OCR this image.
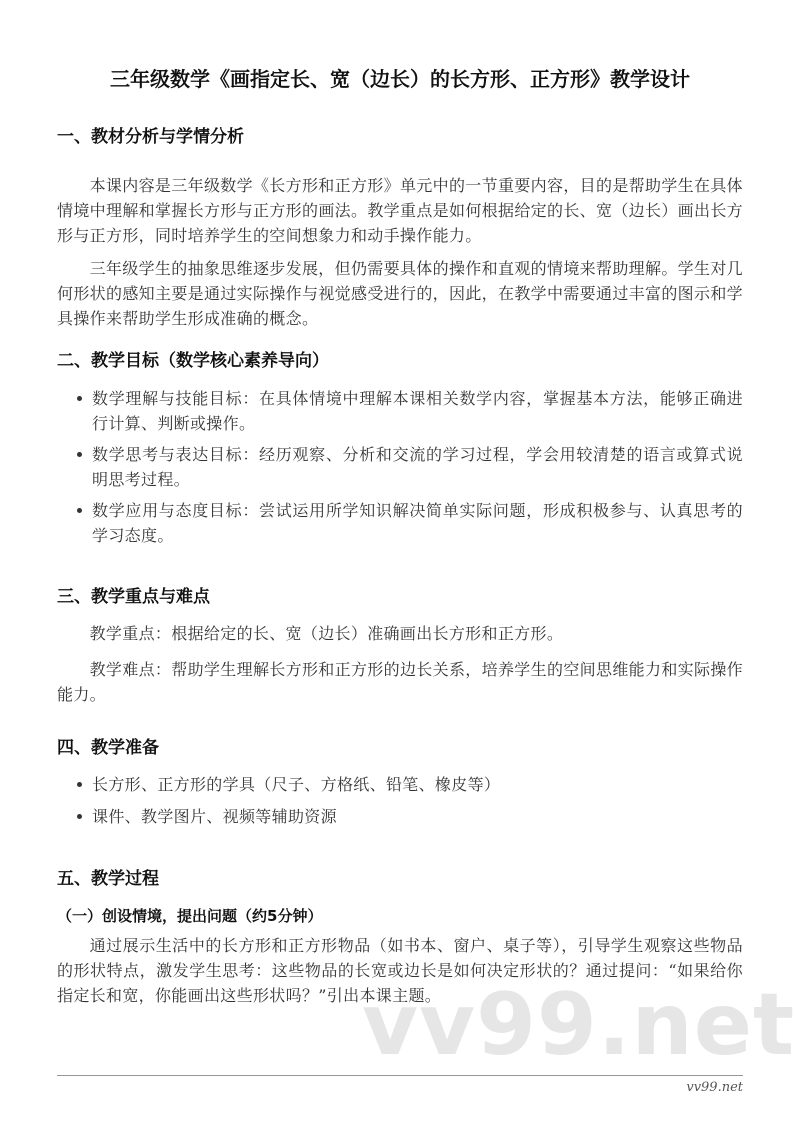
vv99.net
三年级数学《画指定长、宽（边长）的长方形、正方形》教学设计
一、教材分析与学情分析
本课内容是三年级数学《长方形和正方形》单元中的一节重要内容，目的是帮助学生在具体情境中理解和掌握长方形与正方形的画法。教学重点是如何根据给定的长、宽（边长）画出长方形与正方形，同时培养学生的空间想象力和动手操作能力。
三年级学生的抽象思维逐步发展，但仍需要具体的操作和直观的情境来帮助理解。学生对几何形状的感知主要是通过实际操作与视觉感受进行的，因此，在教学中需要通过丰富的图示和学具操作来帮助学生形成准确的概念。
二、教学目标（数学核心素养导向）
数学理解与技能目标：在具体情境中理解本课相关数学内容，掌握基本方法，能够正确进行计算、判断或操作。
数学思考与表达目标：经历观察、分析和交流的学习过程，学会用较清楚的语言或算式说明思考过程。
数学应用与态度目标：尝试运用所学知识解决简单实际问题，形成积极参与、认真思考的学习态度。
三、教学重点与难点
教学重点：根据给定的长、宽（边长）准确画出长方形和正方形。
教学难点：帮助学生理解长方形和正方形的边长关系，培养学生的空间思维能力和实际操作能力。
四、教学准备
长方形、正方形的学具（尺子、方格纸、铅笔、橡皮等）
课件、教学图片、视频等辅助资源
五、教学过程
（一）创设情境，提出问题（约5分钟）
通过展示生活中的长方形和正方形物品（如书本、窗户、桌子等），引导学生观察这些物品的形状特点，激发学生思考：这些物品的长宽或边长是如何决定形状的？通过提问：“如果给你指定长和宽，你能画出这些形状吗？”引出本课主题。
vv99.net
